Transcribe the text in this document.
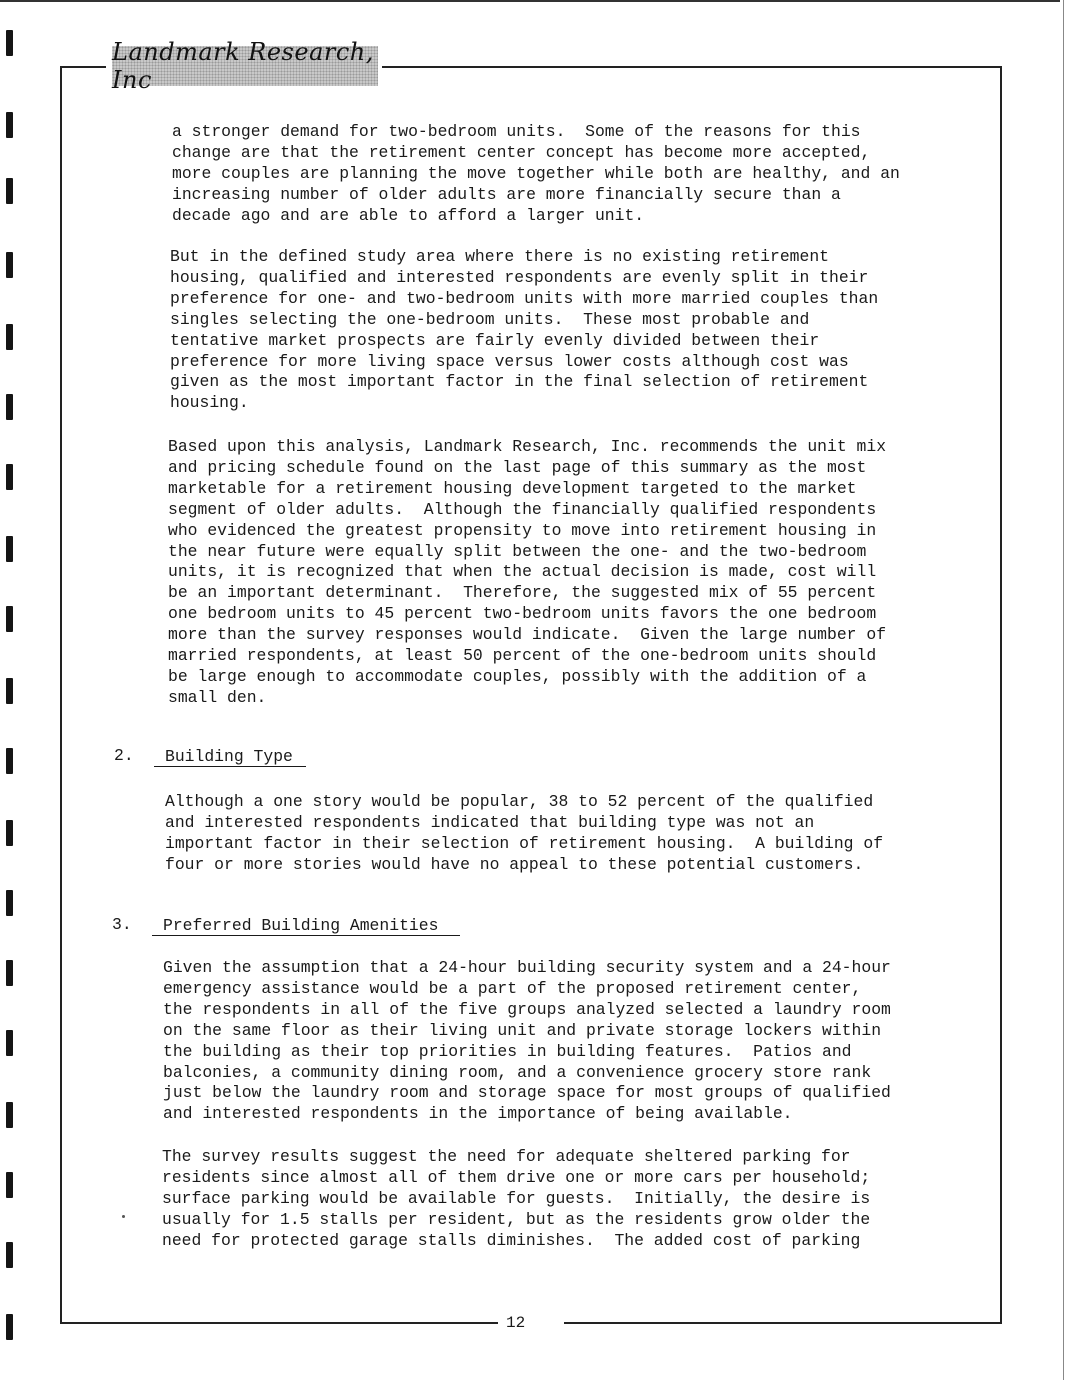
Landmark Research, Inc

a stronger demand for two-bedroom units.  Some of the reasons for this
change are that the retirement center concept has become more accepted,
more couples are planning the move together while both are healthy, and an
increasing number of older adults are more financially secure than a
decade ago and are able to afford a larger unit.

But in the defined study area where there is no existing retirement
housing, qualified and interested respondents are evenly split in their
preference for one- and two-bedroom units with more married couples than
singles selecting the one-bedroom units.  These most probable and
tentative market prospects are fairly evenly divided between their
preference for more living space versus lower costs although cost was
given as the most important factor in the final selection of retirement
housing.

Based upon this analysis, Landmark Research, Inc. recommends the unit mix
and pricing schedule found on the last page of this summary as the most
marketable for a retirement housing development targeted to the market
segment of older adults.  Although the financially qualified respondents
who evidenced the greatest propensity to move into retirement housing in
the near future were equally split between the one- and the two-bedroom
units, it is recognized that when the actual decision is made, cost will
be an important determinant.  Therefore, the suggested mix of 55 percent
one bedroom units to 45 percent two-bedroom units favors the one bedroom
more than the survey responses would indicate.  Given the large number of
married respondents, at least 50 percent of the one-bedroom units should
be large enough to accommodate couples, possibly with the addition of a
small den.

2. Building Type

Although a one story would be popular, 38 to 52 percent of the qualified
and interested respondents indicated that building type was not an
important factor in their selection of retirement housing.  A building of
four or more stories would have no appeal to these potential customers.

3. Preferred Building Amenities

Given the assumption that a 24-hour building security system and a 24-hour
emergency assistance would be a part of the proposed retirement center,
the respondents in all of the five groups analyzed selected a laundry room
on the same floor as their living unit and private storage lockers within
the building as their top priorities in building features.  Patios and
balconies, a community dining room, and a convenience grocery store rank
just below the laundry room and storage space for most groups of qualified
and interested respondents in the importance of being available.

The survey results suggest the need for adequate sheltered parking for
residents since almost all of them drive one or more cars per household;
surface parking would be available for guests.  Initially, the desire is
usually for 1.5 stalls per resident, but as the residents grow older the
need for protected garage stalls diminishes.  The added cost of parking

12
